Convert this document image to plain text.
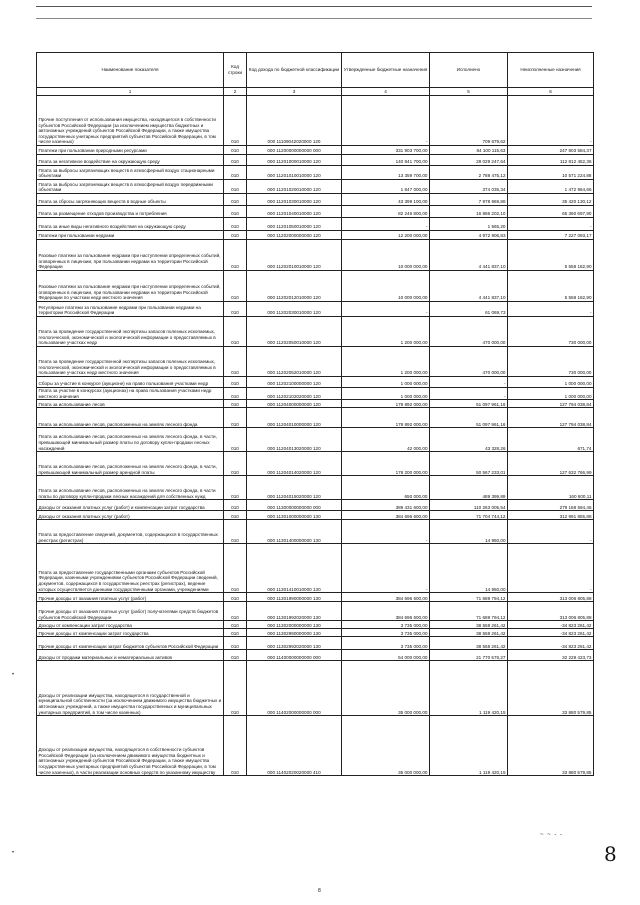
Наименование показателя	Код строки	Код дохода по бюджетной классификации	Утвержденные бюджетные назначения	Исполнено	Неисполненные назначения
1	2	3	4	5	6
Прочие поступления от использования имущества, находящегося в собственности субъектов Российской Федерации (за исключением имущества бюджетных и автономных учреждений субъектов Российской Федерации, а также имущества государственных унитарных предприятий субъектов Российской Федерации, в том числе казенных)	010	000 11109042020000 120	-	709 679,62	-
Платежи при пользовании природными ресурсами	010	000 11200000000000 000	331 903 700,00	84 100 115,63	247 803 584,37
Плата за негативное воздействие на окружающую среду	010	000 11201000010000 120	140 841 700,00	28 029 247,64	112 812 452,36
Плата за выбросы загрязняющих веществ в атмосферный воздух стационарными объектами	010	000 11201010010000 120	13 359 700,00	2 788 475,12	10 571 224,88
Плата за выбросы загрязняющих веществ в атмосферный воздух передвижными объектами	010	000 11201020010000 120	1 847 000,00	374 035,34	1 472 964,66
Плата за сбросы загрязняющих веществ в водные объекты	010	000 11201030010000 120	43 399 100,00	7 978 969,88	35 420 130,12
Плата за размещение отходов производства и потребления	010	000 11201040010000 120	82 246 800,00	16 886 202,10	65 360 697,90
Плата за иные виды негативного воздействия на окружающую среду	010	000 11201050010000 120	-	1 565,20	-
Платежи при пользовании недрами	010	000 11202000000000 120	12 200 000,00	4 972 906,83	7 227 093,17
Разовые платежи за пользование недрами при наступлении определенных событий, оговоренных в лицензии, при пользовании недрами на территории Российской Федерации	010	000 11202010010000 120	10 000 000,00	4 441 837,10	5 558 162,90
Разовые платежи за пользование недрами при наступлении определенных событий, оговоренных в лицензии, при пользовании недрами на территории Российской Федерации по участкам недр местного значения	010	000 11202012010000 120	10 000 000,00	4 441 837,10	5 558 162,90
Регулярные платежи за пользование недрами при пользовании недрами на территории Российской Федерации	010	000 11202030010000 120	-	61 069,73	-
Плата за проведение государственной экспертизы запасов полезных ископаемых, геологической, экономической и экологической информации о предоставляемых в пользование участках недр	010	000 11202050010000 120	1 200 000,00	470 000,00	730 000,00
Плата за проведение государственной экспертизы запасов полезных ископаемых, геологической, экономической и экологической информации о предоставляемых в пользование участках недр местного значения	010	000 11202052010000 120	1 200 000,00	470 000,00	730 000,00
Сборы за участие в конкурсе (аукционе) на право пользования участками недр	010	000 11202100000000 120	1 000 000,00	-	1 000 000,00
Плата за участие в конкурсах (аукционах) на право пользования участками недр местного значения	010	000 11202102020000 120	1 000 000,00	-	1 000 000,00
Плата за использование лесов	010	000 11204000000000 120	178 892 000,00	51 097 961,16	127 794 038,84
Плата за использование лесов, расположенных на землях лесного фонда	010	000 11204010000000 120	178 892 000,00	51 097 961,16	127 794 038,84
Плата за использование лесов, расположенных на землях лесного фонда, в части, превышающей минимальный размер платы по договору купли-продажи лесных насаждений	010	000 11204013020000 120	42 000,00	43 328,26	671,74
Плата за использование лесов, расположенных на землях лесного фонда, в части, превышающей минимальный размер арендной платы	010	000 11204014020000 120	178 200 000,00	50 567 233,01	127 632 766,99
Плата за использование лесов, расположенных на землях лесного фонда, в части платы по договору купли-продажи лесных насаждений для собственных нужд	010	000 11204015020000 120	650 000,00	489 399,89	160 600,11
Доходы от оказания платных услуг (работ) и компенсации затрат государства	010	000 11300000000000 000	389 431 600,00	110 263 005,54	279 168 594,46
Доходы от оказания платных услуг (работ)	010	000 11301000000000 130	384 696 600,00	71 704 744,12	312 991 855,88
Плата за предоставление сведений, документов, содержащихся в государственных реестрах (регистрах)	010	000 11301400000000 130	-	14 950,00	-
Плата за предоставление государственными органами субъектов Российской Федерации, казенными учреждениями субъектов Российской Федерации сведений, документов, содержащихся в государственных реестрах (регистрах), ведение которых осуществляется данными государственными органами, учреждениями	010	000 11301410010000 130	-	14 950,00	-
Прочие доходы от оказания платных услуг (работ)	010	000 11301990000000 130	384 696 600,00	71 689 794,12	313 006 805,88
Прочие доходы от оказания платных услуг (работ) получателями средств бюджетов субъектов Российской Федерации	010	000 11301992020000 130	384 696 600,00	71 689 794,12	313 006 805,88
Доходы от компенсации затрат государства	010	000 11302000000000 130	3 735 000,00	38 558 261,42	-34 823 261,42
Прочие доходы от компенсации затрат государства	010	000 11302990000000 130	3 735 000,00	38 558 261,42	-34 823 261,42
Прочие доходы от компенсации затрат бюджетов субъектов Российской Федерации	010	000 11302992020000 130	3 735 000,00	38 558 261,42	-34 823 261,42
Доходы от продажи материальных и нематериальных активов	010	000 11400000000000 000	54 000 000,00	21 770 576,27	32 229 423,73
Доходы от реализации имущества, находящегося в государственной и муниципальной собственности (за исключением движимого имущества бюджетных и автономных учреждений, а также имущества государственных и муниципальных унитарных предприятий, в том числе казенных)	010	000 11402000000000 000	35 000 000,00	1 119 420,15	33 880 579,85
Доходы от реализации имущества, находящегося в собственности субъектов Российской Федерации (за исключением движимого имущества бюджетных и автономных учреждений субъектов Российской Федерации, а также имущества государственных унитарных предприятий субъектов Российской Федерации, в том числе казенных), в части реализации основных средств по указанному имуществу	010	000 11402020020000 410	35 000 000,00	1 119 420,15	33 880 579,85
~ ~ - -
8
8
•
•
